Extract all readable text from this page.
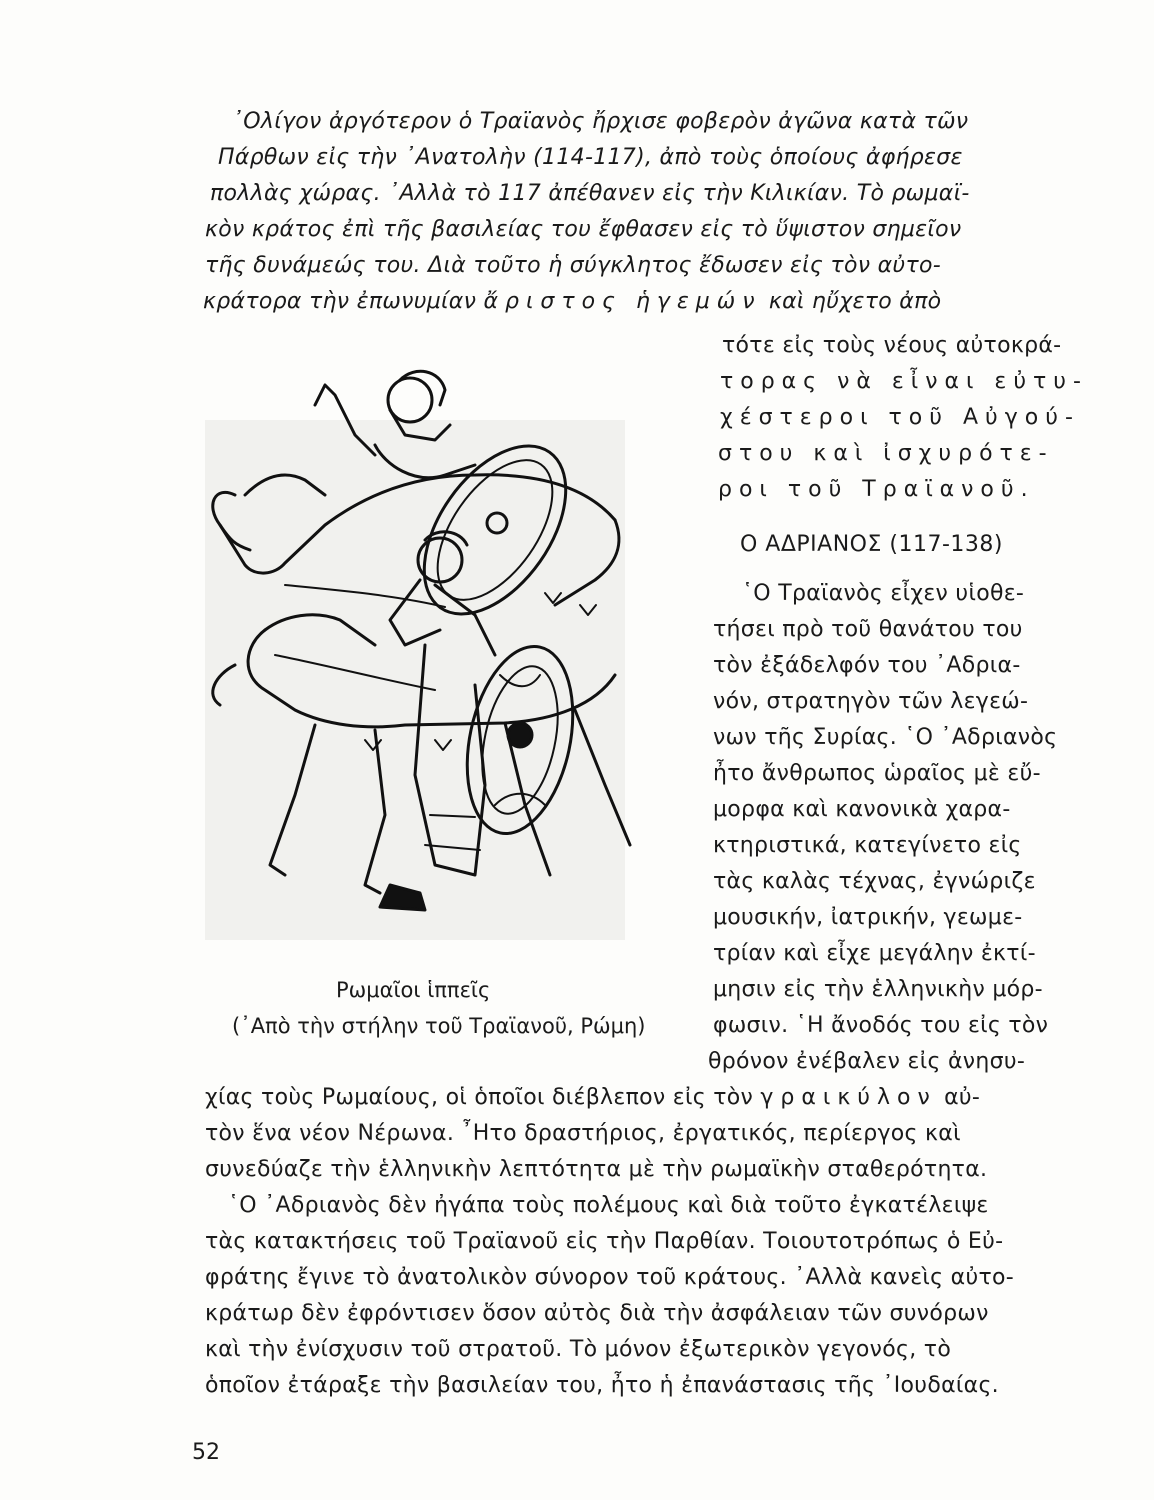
᾿Ολίγον ἀργότερον ὁ Τραϊανὸς ἤρχισε φοβερὸν ἀγῶνα κατὰ τῶν
Πάρθων εἰς τὴν ᾿Ανατολὴν (114-117), ἀπὸ τοὺς ὁποίους ἀφήρεσε
πολλὰς χώρας. ᾿Αλλὰ τὸ 117 ἀπέθανεν εἰς τὴν Κιλικίαν. Τὸ ρωμαϊ-
κὸν κράτος ἐπὶ τῆς βασιλείας του ἔφθασεν εἰς τὸ ὕψιστον σημεῖον
τῆς δυνάμεώς του. Διὰ τοῦτο ἡ σύγκλητος ἔδωσεν εἰς τὸν αὐτο-
κράτορα τὴν ἐπωνυμίαν ἄριστος ἡγεμών καὶ ηὔχετο ἀπὸ
τότε εἰς τοὺς νέους αὐτοκρά-
τορας νὰ εἶναι εὐτυ-
χέστεροι τοῦ Αὐγού-
στου καὶ ἰσχυρότε-
ροι τοῦ Τραϊανοῦ.
Ο ΑΔΡΙΑΝΟΣ (117-138)
῾Ο Τραϊανὸς εἶχεν υἱοθε-
τήσει πρὸ τοῦ θανάτου του
τὸν ἐξάδελφόν του ᾿Αδρια-
νόν, στρατηγὸν τῶν λεγεώ-
νων τῆς Συρίας. ῾Ο ᾿Αδριανὸς
ἦτο ἄνθρωπος ὡραῖος μὲ εὔ-
μορφα καὶ κανονικὰ χαρα-
κτηριστικά, κατεγίνετο εἰς
τὰς καλὰς τέχνας, ἐγνώριζε
μουσικήν, ἰατρικήν, γεωμε-
τρίαν καὶ εἶχε μεγάλην ἐκτί-
μησιν εἰς τὴν ἑλληνικὴν μόρ-
φωσιν. ῾Η ἄνοδός του εἰς τὸν
θρόνον ἐνέβαλεν εἰς ἀνησυ-
Ρωμαῖοι ἱππεῖς
(᾿Απὸ τὴν στήλην τοῦ Τραϊανοῦ, Ρώμη)
χίας τοὺς Ρωμαίους, οἱ ὁποῖοι διέβλεπον εἰς τὸν γραικύλον αὐ-
τὸν ἕνα νέον Νέρωνα. ῏Ητο δραστήριος, ἐργατικός, περίεργος καὶ
συνεδύαζε τὴν ἑλληνικὴν λεπτότητα μὲ τὴν ρωμαϊκὴν σταθερότητα.
῾Ο ᾿Αδριανὸς δὲν ἠγάπα τοὺς πολέμους καὶ διὰ τοῦτο ἐγκατέλειψε
τὰς κατακτήσεις τοῦ Τραϊανοῦ εἰς τὴν Παρθίαν. Τοιουτοτρόπως ὁ Εὐ-
φράτης ἔγινε τὸ ἀνατολικὸν σύνορον τοῦ κράτους. ᾿Αλλὰ κανεὶς αὐτο-
κράτωρ δὲν ἐφρόντισεν ὅσον αὐτὸς διὰ τὴν ἀσφάλειαν τῶν συνόρων
καὶ τὴν ἐνίσχυσιν τοῦ στρατοῦ. Τὸ μόνον ἐξωτερικὸν γεγονός, τὸ
ὁποῖον ἐτάραξε τὴν βασιλείαν του, ἦτο ἡ ἐπανάστασις τῆς ᾿Ιουδαίας.
52
